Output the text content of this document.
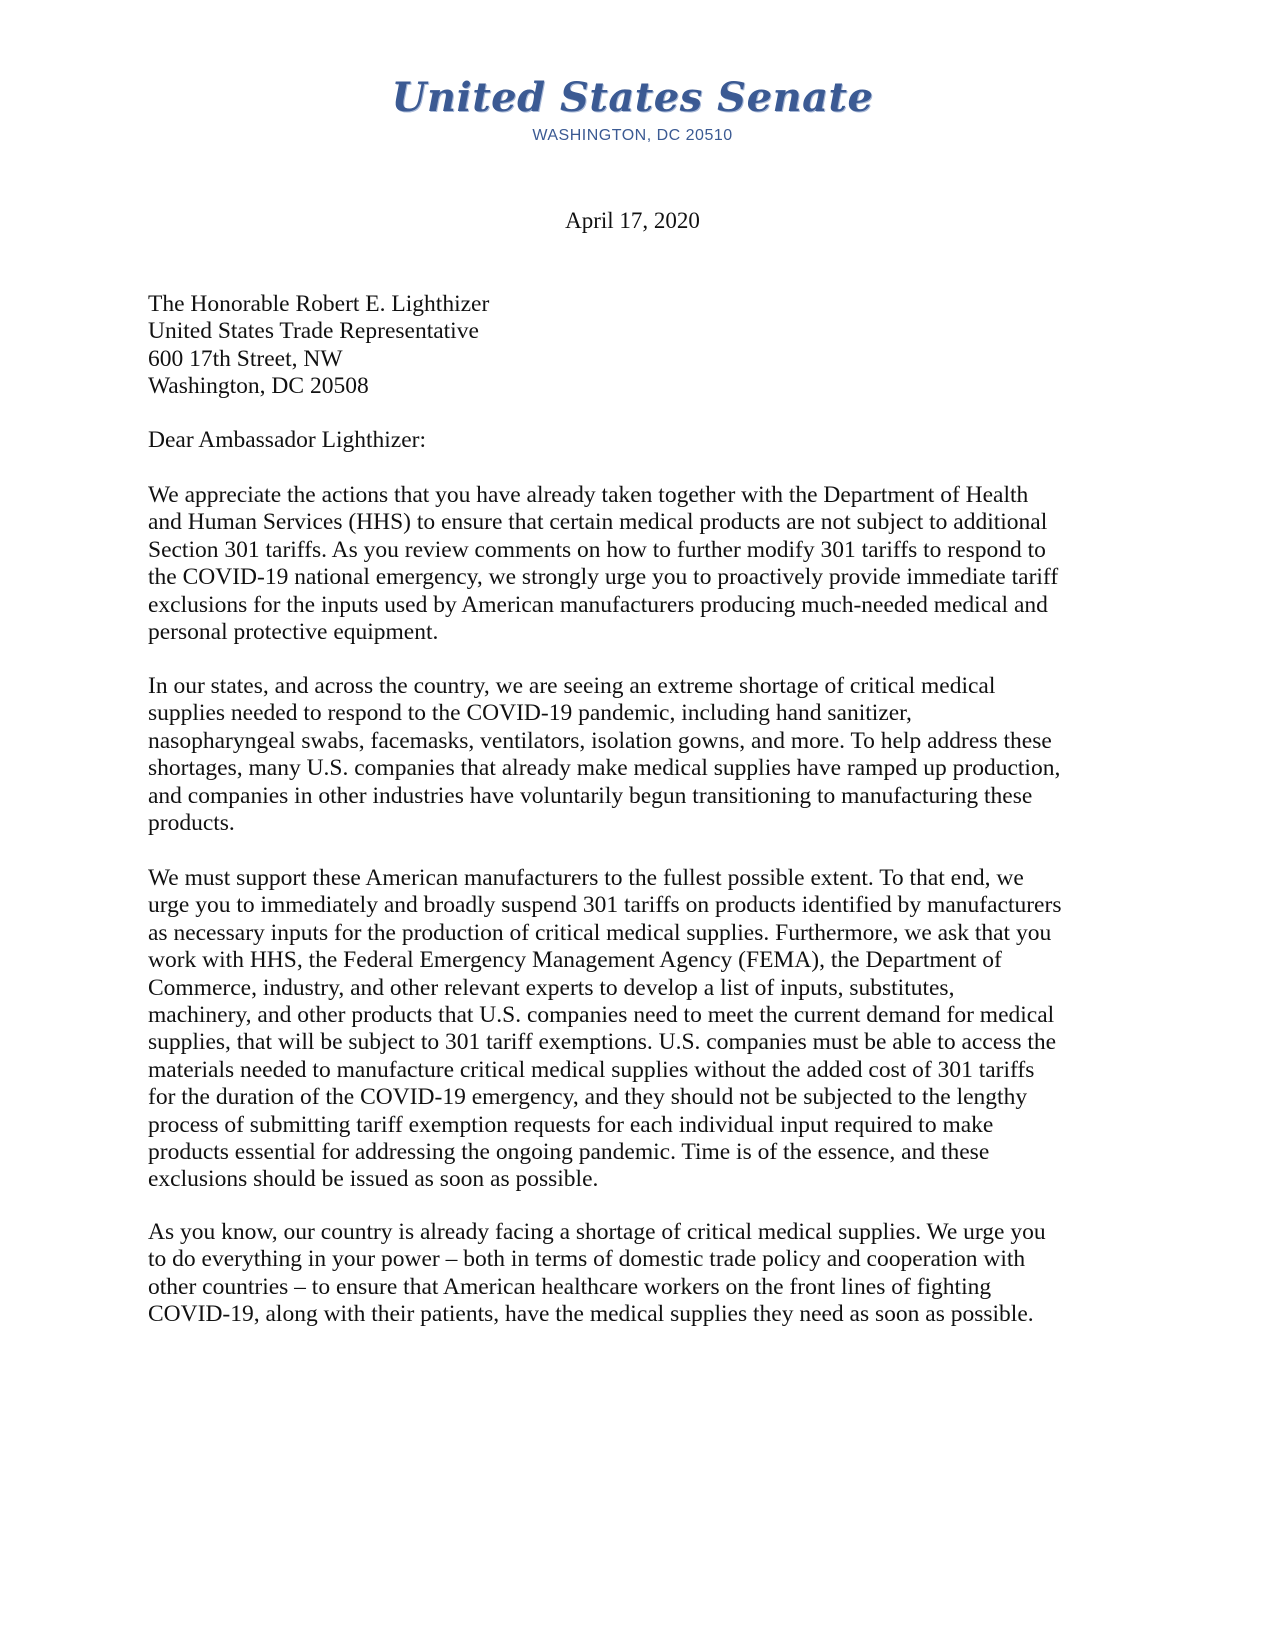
United States Senate
WASHINGTON, DC 20510
April 17, 2020
The Honorable Robert E. Lighthizer
United States Trade Representative
600 17th Street, NW
Washington, DC 20508
Dear Ambassador Lighthizer:
We appreciate the actions that you have already taken together with the Department of Health
and Human Services (HHS) to ensure that certain medical products are not subject to additional
Section 301 tariffs. As you review comments on how to further modify 301 tariffs to respond to
the COVID-19 national emergency, we strongly urge you to proactively provide immediate tariff
exclusions for the inputs used by American manufacturers producing much-needed medical and
personal protective equipment.
In our states, and across the country, we are seeing an extreme shortage of critical medical
supplies needed to respond to the COVID-19 pandemic, including hand sanitizer,
nasopharyngeal swabs, facemasks, ventilators, isolation gowns, and more. To help address these
shortages, many U.S. companies that already make medical supplies have ramped up production,
and companies in other industries have voluntarily begun transitioning to manufacturing these
products.
We must support these American manufacturers to the fullest possible extent. To that end, we
urge you to immediately and broadly suspend 301 tariffs on products identified by manufacturers
as necessary inputs for the production of critical medical supplies. Furthermore, we ask that you
work with HHS, the Federal Emergency Management Agency (FEMA), the Department of
Commerce, industry, and other relevant experts to develop a list of inputs, substitutes,
machinery, and other products that U.S. companies need to meet the current demand for medical
supplies, that will be subject to 301 tariff exemptions. U.S. companies must be able to access the
materials needed to manufacture critical medical supplies without the added cost of 301 tariffs
for the duration of the COVID-19 emergency, and they should not be subjected to the lengthy
process of submitting tariff exemption requests for each individual input required to make
products essential for addressing the ongoing pandemic. Time is of the essence, and these
exclusions should be issued as soon as possible.
As you know, our country is already facing a shortage of critical medical supplies. We urge you
to do everything in your power – both in terms of domestic trade policy and cooperation with
other countries – to ensure that American healthcare workers on the front lines of fighting
COVID-19, along with their patients, have the medical supplies they need as soon as possible.
